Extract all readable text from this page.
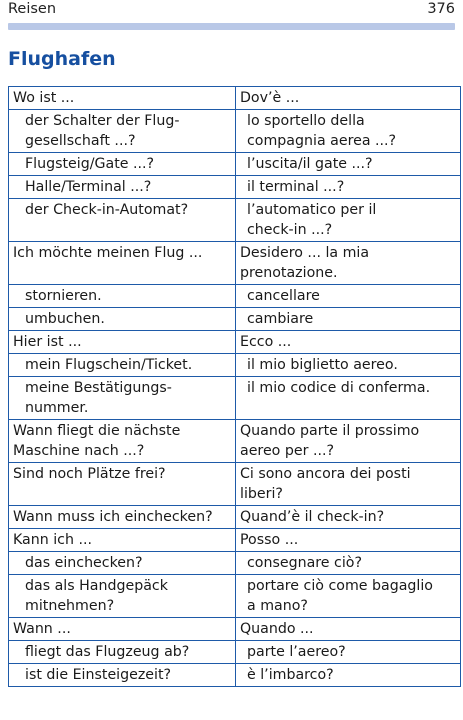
Reisen	376
Flughafen
Wo ist ...	Dov’è ...

der Schalter der Flug-
gesellschaft ...?	lo sportello della
compagnia aerea ...?

Flugsteig/Gate ...?	l’uscita/il gate ...?

Halle/Terminal ...?	il terminal ...?

der Check-in-Automat?	l’automatico per il
check-in ...?

Ich möchte meinen Flug ...	Desidero ... la mia
prenotazione.

stornieren.	cancellare

umbuchen.	cambiare

Hier ist ...	Ecco ...

mein Flugschein/Ticket.	il mio biglietto aereo.

meine Bestätigungs-
nummer.	il mio codice di conferma.

Wann fliegt die nächste
Maschine nach ...?	Quando parte il prossimo
aereo per ...?

Sind noch Plätze frei?	Ci sono ancora dei posti
liberi?

Wann muss ich einchecken?	Quand’è il check-in?

Kann ich ...	Posso ...

das einchecken?	consegnare ciò?

das als Handgepäck
mitnehmen?	portare ciò come bagaglio
a mano?

Wann ...	Quando ...

fliegt das Flugzeug ab?	parte l’aereo?

ist die Einsteigezeit?	è l’imbarco?
